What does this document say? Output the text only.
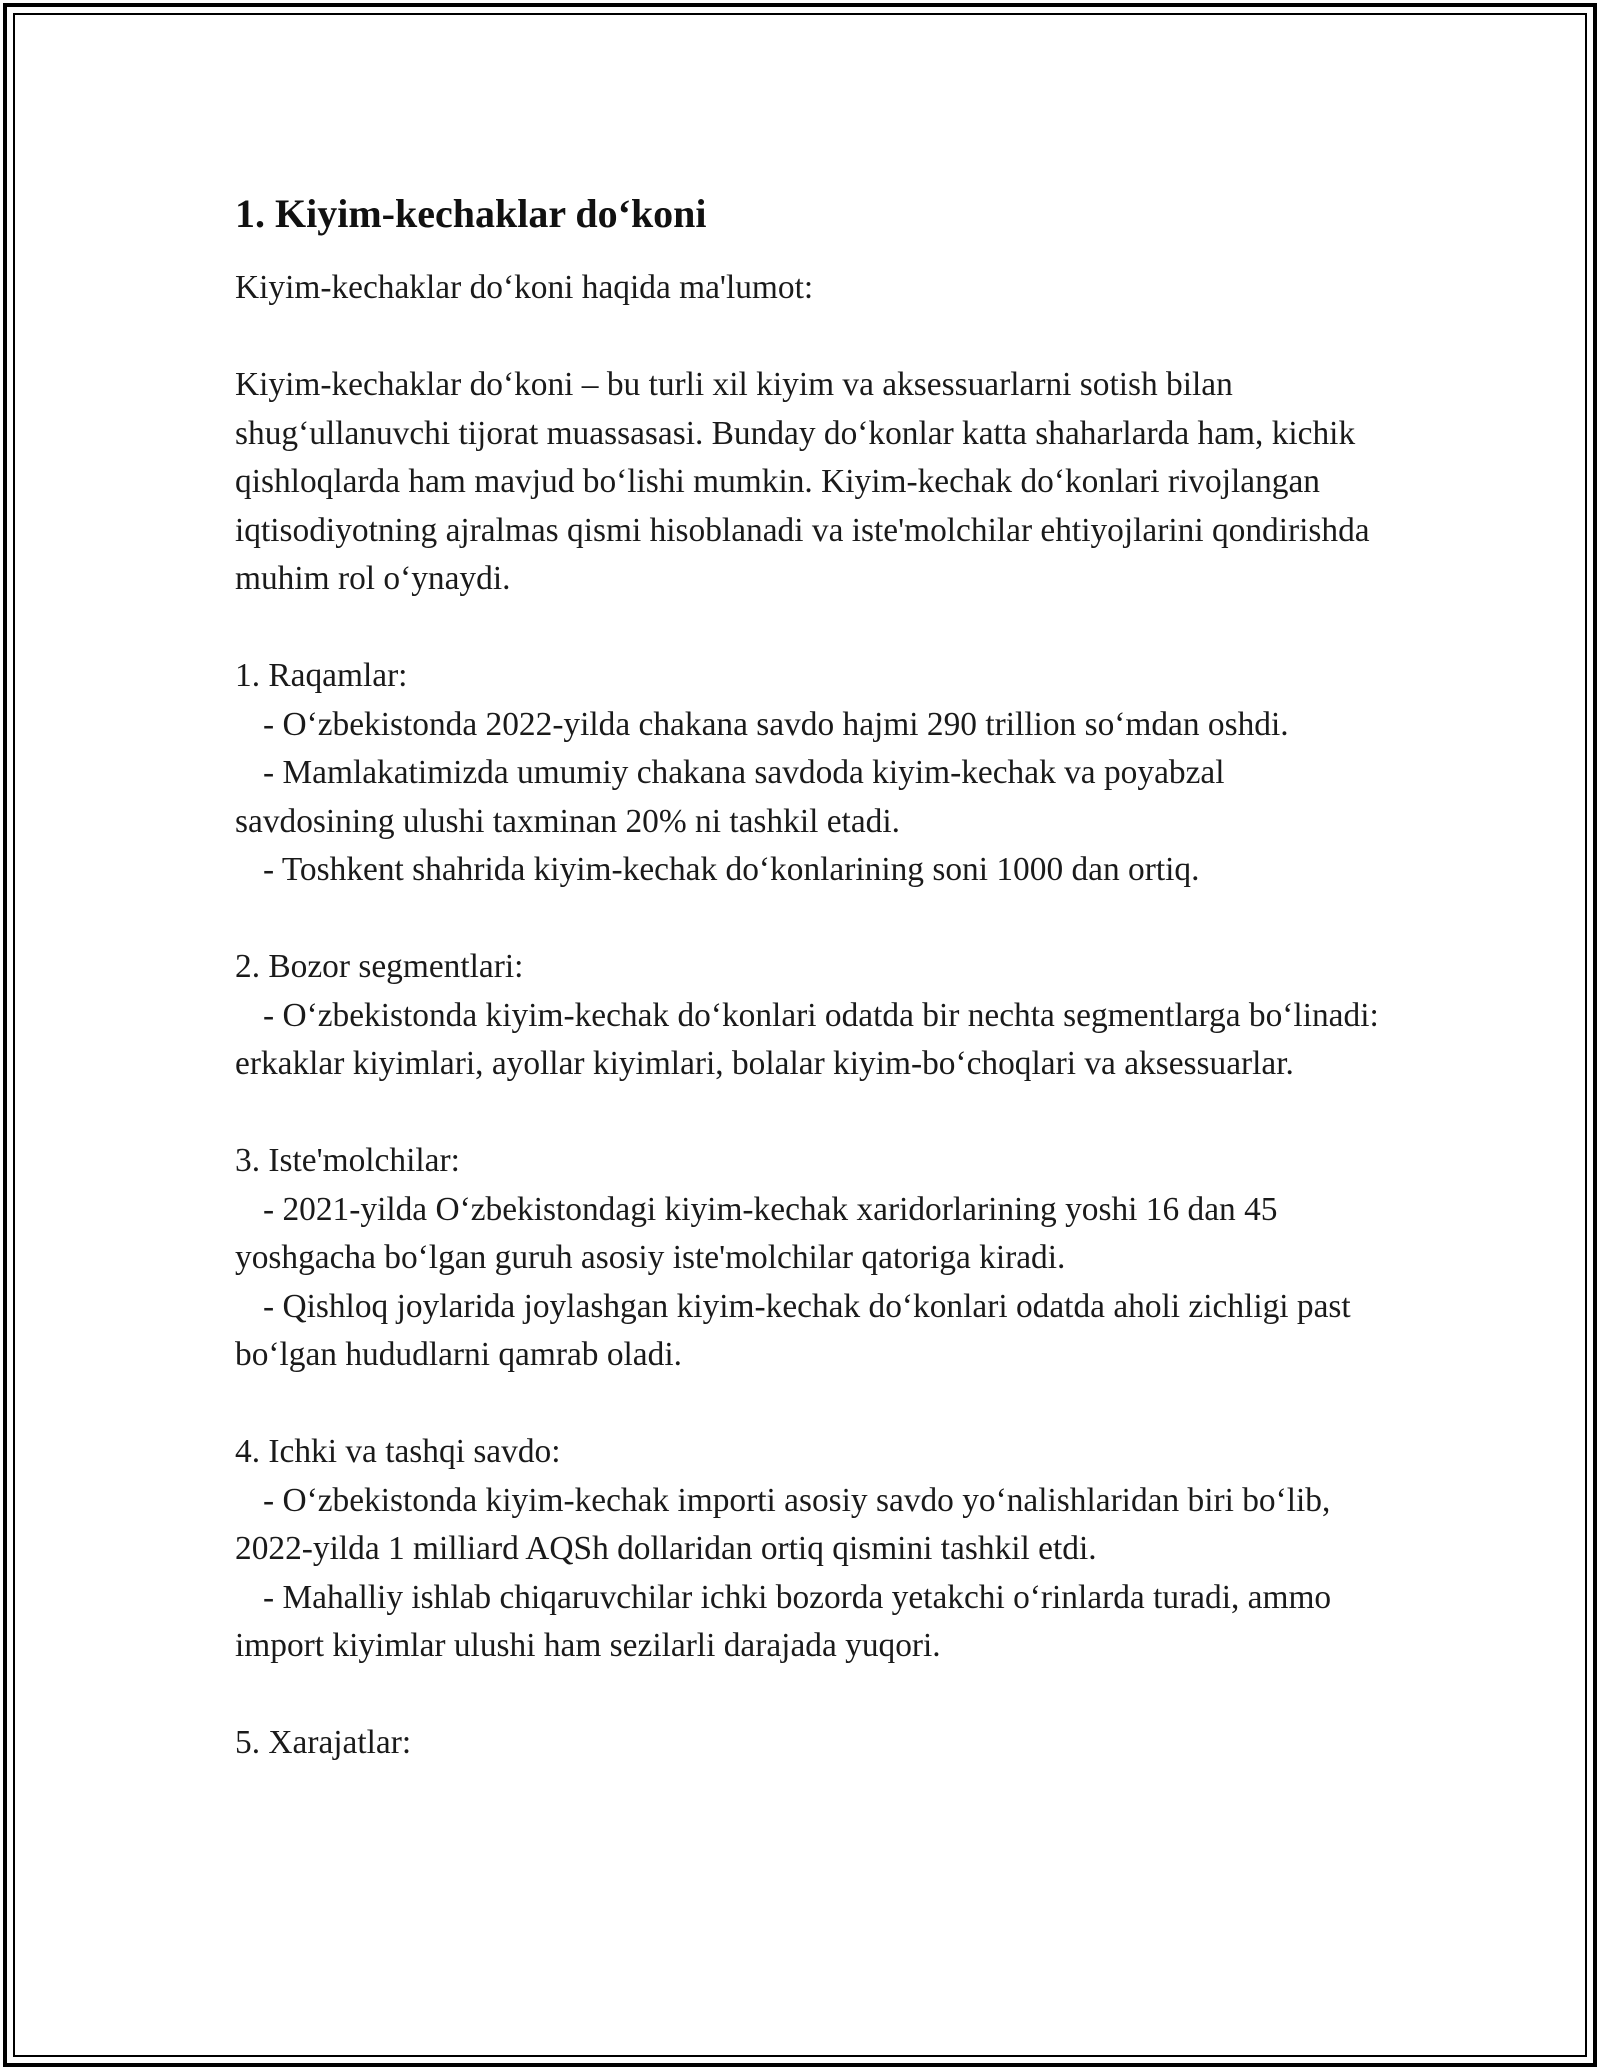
1. Kiyim-kechaklar do‘koni

Kiyim-kechaklar do‘koni haqida ma'lumot:

Kiyim-kechaklar do‘koni – bu turli xil kiyim va aksessuarlarni sotish bilan shug‘ullanuvchi tijorat muassasasi. Bunday do‘konlar katta shaharlarda ham, kichik qishloqlarda ham mavjud bo‘lishi mumkin. Kiyim-kechak do‘konlari rivojlangan iqtisodiyotning ajralmas qismi hisoblanadi va iste'molchilar ehtiyojlarini qondirishda muhim rol o‘ynaydi.

1. Raqamlar:

- O‘zbekistonda 2022-yilda chakana savdo hajmi 290 trillion so‘mdan oshdi.

- Mamlakatimizda umumiy chakana savdoda kiyim-kechak va poyabzal savdosining ulushi taxminan 20% ni tashkil etadi.

- Toshkent shahrida kiyim-kechak do‘konlarining soni 1000 dan ortiq.

2. Bozor segmentlari:

- O‘zbekistonda kiyim-kechak do‘konlari odatda bir nechta segmentlarga bo‘linadi: erkaklar kiyimlari, ayollar kiyimlari, bolalar kiyim-bo‘choqlari va aksessuarlar.

3. Iste'molchilar:

- 2021-yilda O‘zbekistondagi kiyim-kechak xaridorlarining yoshi 16 dan 45 yoshgacha bo‘lgan guruh asosiy iste'molchilar qatoriga kiradi.

- Qishloq joylarida joylashgan kiyim-kechak do‘konlari odatda aholi zichligi past bo‘lgan hududlarni qamrab oladi.

4. Ichki va tashqi savdo:

- O‘zbekistonda kiyim-kechak importi asosiy savdo yo‘nalishlaridan biri bo‘lib, 2022-yilda 1 milliard AQSh dollaridan ortiq qismini tashkil etdi.

- Mahalliy ishlab chiqaruvchilar ichki bozorda yetakchi o‘rinlarda turadi, ammo import kiyimlar ulushi ham sezilarli darajada yuqori.

5. Xarajatlar:
